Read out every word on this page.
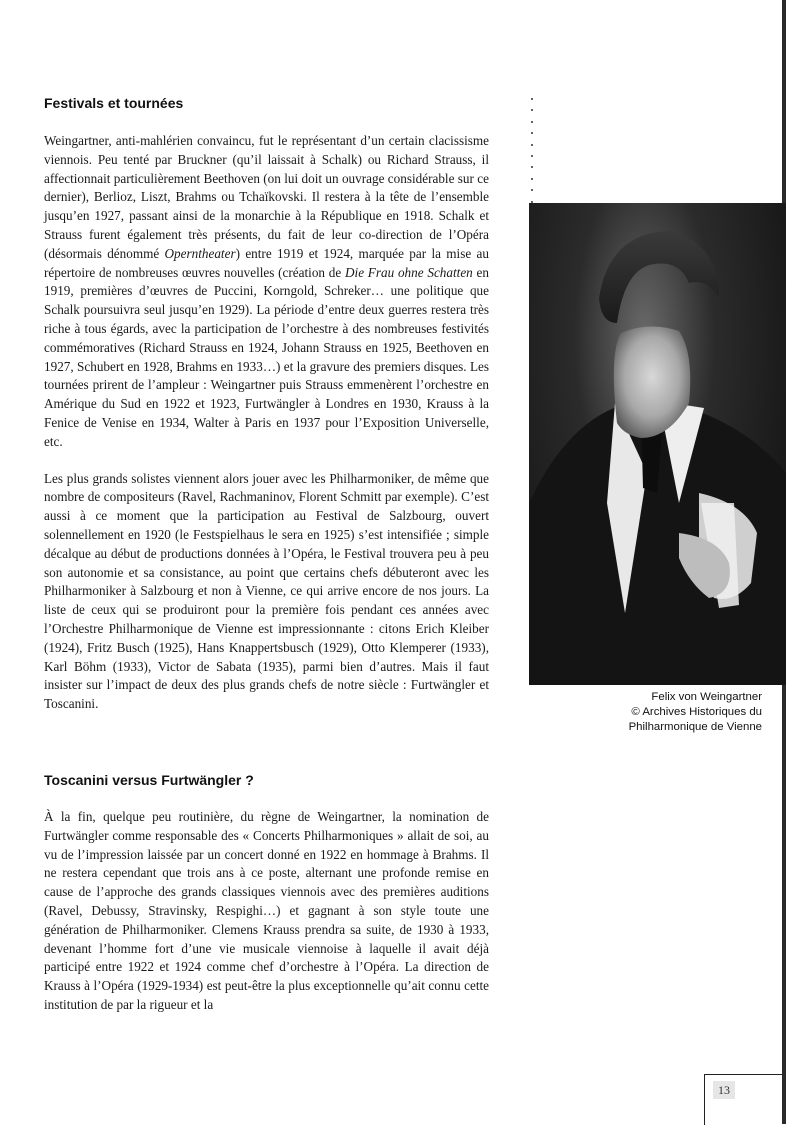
Festivals et tournées

Weingartner, anti-mahlérien convaincu, fut le représentant d’un certain clacissisme viennois. Peu tenté par Bruckner (qu’il laissait à Schalk) ou Richard Strauss, il affectionnait particulièrement Beethoven (on lui doit un ouvrage considérable sur ce dernier), Berlioz, Liszt, Brahms ou Tchaïkovski. Il restera à la tête de l’ensemble jusqu’en 1927, passant ainsi de la monarchie à la République en 1918. Schalk et Strauss furent également très présents, du fait de leur co-direction de l’Opéra (désormais dénommé Operntheater) entre 1919 et 1924, marquée par la mise au répertoire de nombreuses œuvres nouvelles (création de Die Frau ohne Schatten en 1919, premières d’œuvres de Puccini, Korngold, Schreker… une politique que Schalk poursuivra seul jusqu’en 1929). La période d’entre deux guerres restera très riche à tous égards, avec la participation de l’orchestre à des nombreuses festivités commémoratives (Richard Strauss en 1924, Johann Strauss en 1925, Beethoven en 1927, Schubert en 1928, Brahms en 1933…) et la gravure des premiers disques. Les tournées prirent de l’ampleur : Weingartner puis Strauss emmenèrent l’orchestre en Amérique du Sud en 1922 et 1923, Furtwängler à Londres en 1930, Krauss à la Fenice de Venise en 1934, Walter à Paris en 1937 pour l’Exposition Universelle, etc.

Les plus grands solistes viennent alors jouer avec les Philharmoniker, de même que nombre de compositeurs (Ravel, Rachmaninov, Florent Schmitt par exemple). C’est aussi à ce moment que la participation au Festival de Salzbourg, ouvert solennellement en 1920 (le Festspielhaus le sera en 1925) s’est intensifiée ; simple décalque au début de productions données à l’Opéra, le Festival trouvera peu à peu son autonomie et sa consistance, au point que certains chefs débuteront avec les Philharmoniker à Salzbourg et non à Vienne, ce qui arrive encore de nos jours. La liste de ceux qui se produiront pour la première fois pendant ces années avec l’Orchestre Philharmonique de Vienne est impressionnante : citons Erich Kleiber (1924), Fritz Busch (1925), Hans Knappertsbusch (1929), Otto Klemperer (1933), Karl Böhm (1933), Victor de Sabata (1935), parmi bien d’autres. Mais il faut insister sur l’impact de deux des plus grands chefs de notre siècle : Furtwängler et Toscanini.

Toscanini versus Furtwängler ?

À la fin, quelque peu routinière, du règne de Weingartner, la nomination de Furtwängler comme responsable des « Concerts Philharmoniques » allait de soi, au vu de l’impression laissée par un concert donné en 1922 en hommage à Brahms. Il ne restera cependant que trois ans à ce poste, alternant une profonde remise en cause de l’approche des grands classiques viennois avec des premières auditions (Ravel, Debussy, Stravinsky, Respighi…) et gagnant à son style toute une génération de Philharmoniker. Clemens Krauss prendra sa suite, de 1930 à 1933, devenant l’homme fort d’une vie musicale viennoise à laquelle il avait déjà participé entre 1922 et 1924 comme chef d’orchestre à l’Opéra. La direction de Krauss à l’Opéra (1929-1934) est peut-être la plus exceptionnelle qu’ait connu cette institution de par la rigueur et la

Felix von Weingartner
© Archives Historiques du
Philharmonique de Vienne
13
